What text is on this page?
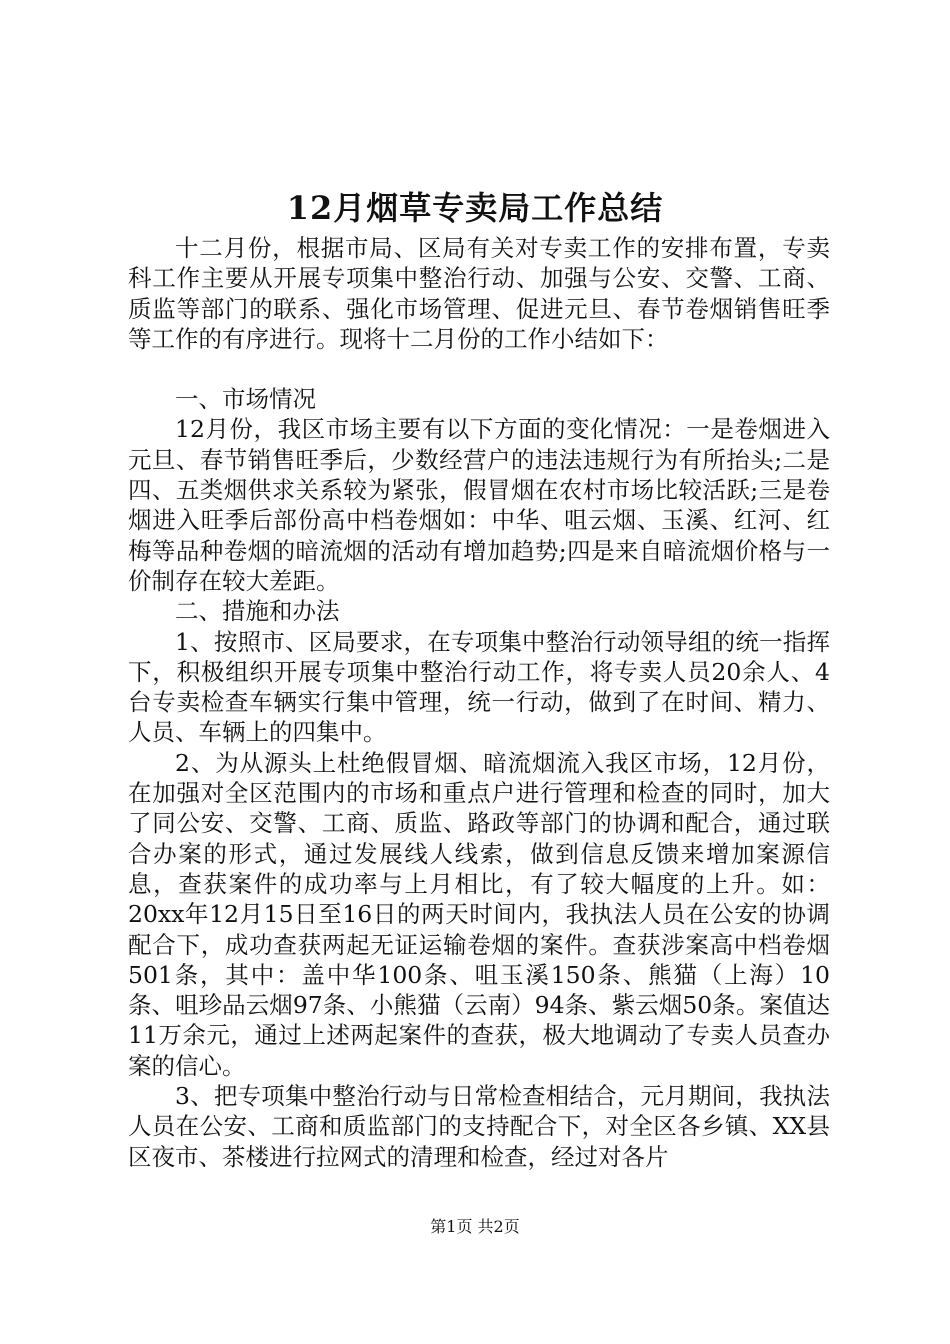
12月烟草专卖局工作总结

十二月份，根据市局、区局有关对专卖工作的安排布置，专卖科工作主要从开展专项集中整治行动、加强与公安、交警、工商、质监等部门的联系、强化市场管理、促进元旦、春节卷烟销售旺季等工作的有序进行。现将十二月份的工作小结如下：

一、市场情况

12月份，我区市场主要有以下方面的变化情况：一是卷烟进入元旦、春节销售旺季后，少数经营户的违法违规行为有所抬头;二是四、五类烟供求关系较为紧张，假冒烟在农村市场比较活跃;三是卷烟进入旺季后部份高中档卷烟如：中华、咀云烟、玉溪、红河、红梅等品种卷烟的暗流烟的活动有增加趋势;四是来自暗流烟价格与一价制存在较大差距。

二、措施和办法

1、按照市、区局要求，在专项集中整治行动领导组的统一指挥下，积极组织开展专项集中整治行动工作，将专卖人员20余人、4台专卖检查车辆实行集中管理，统一行动，做到了在时间、精力、人员、车辆上的四集中。

2、为从源头上杜绝假冒烟、暗流烟流入我区市场，12月份，在加强对全区范围内的市场和重点户进行管理和检查的同时，加大了同公安、交警、工商、质监、路政等部门的协调和配合，通过联合办案的形式，通过发展线人线索，做到信息反馈来增加案源信息，查获案件的成功率与上月相比，有了较大幅度的上升。如：20xx年12月15日至16日的两天时间内，我执法人员在公安的协调配合下，成功查获两起无证运输卷烟的案件。查获涉案高中档卷烟501条，其中：盖中华100条、咀玉溪150条、熊猫（上海）10条、咀珍品云烟97条、小熊猫（云南）94条、紫云烟50条。案值达11万余元，通过上述两起案件的查获，极大地调动了专卖人员查办案的信心。

3、把专项集中整治行动与日常检查相结合，元月期间，我执法人员在公安、工商和质监部门的支持配合下，对全区各乡镇、XX县区夜市、茶楼进行拉网式的清理和检查，经过对各片

第1页 共2页
